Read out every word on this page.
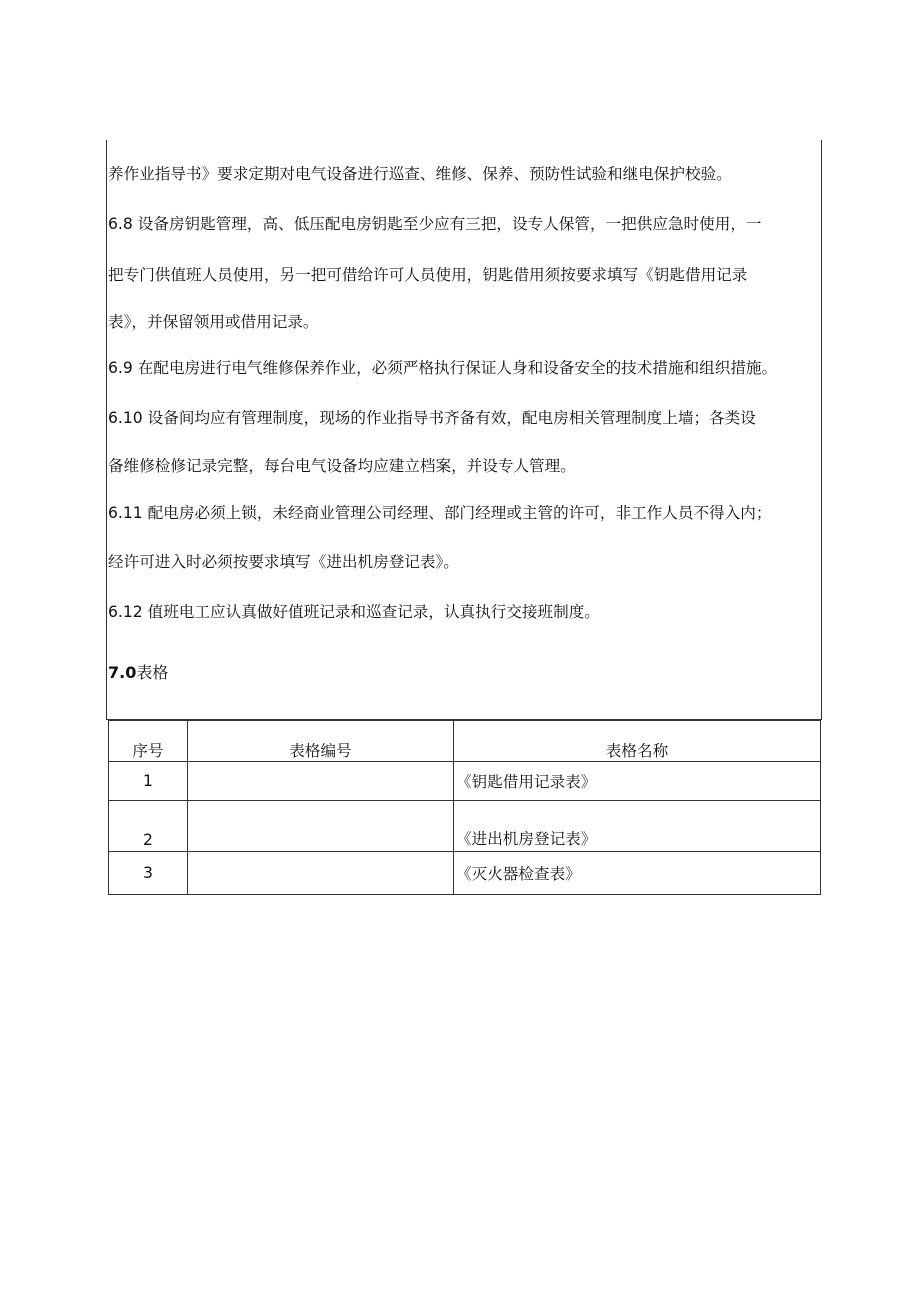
养作业指导书》要求定期对电气设备进行巡查、维修、保养、预防性试验和继电保护校验。
6.8 设备房钥匙管理，高、低压配电房钥匙至少应有三把，设专人保管，一把供应急时使用，一
把专门供值班人员使用，另一把可借给许可人员使用，钥匙借用须按要求填写《钥匙借用记录
表》，并保留领用或借用记录。
6.9 在配电房进行电气维修保养作业，必须严格执行保证人身和设备安全的技术措施和组织措施。
6.10 设备间均应有管理制度，现场的作业指导书齐备有效，配电房相关管理制度上墙；各类设
备维修检修记录完整，每台电气设备均应建立档案，并设专人管理。
6.11 配电房必须上锁，未经商业管理公司经理、部门经理或主管的许可，非工作人员不得入内；
经许可进入时必须按要求填写《进出机房登记表》。
6.12 值班电工应认真做好值班记录和巡查记录，认真执行交接班制度。
7.0表格
序号	表格编号	表格名称
1		《钥匙借用记录表》
2		《进出机房登记表》
3		《灭火器检查表》
